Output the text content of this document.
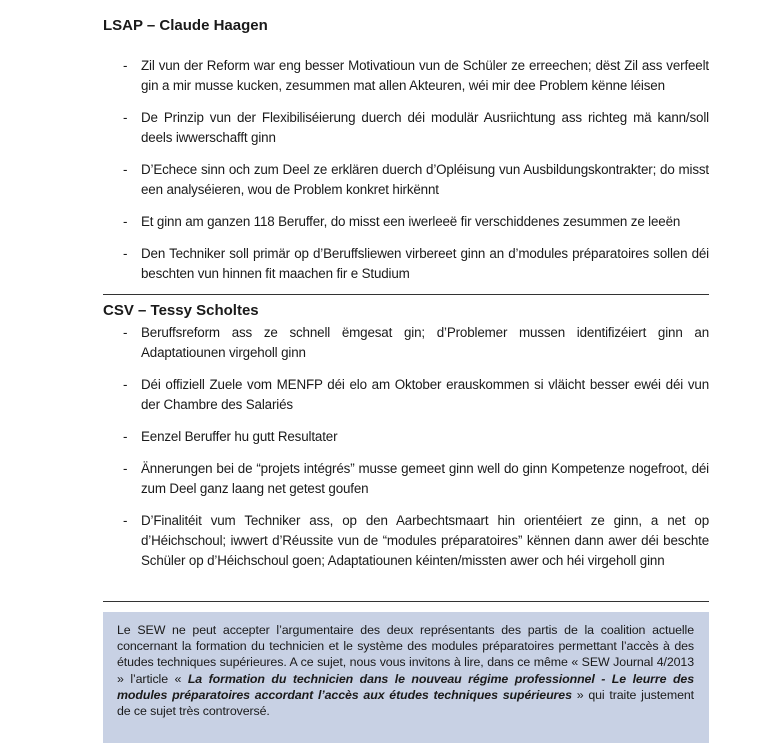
LSAP – Claude Haagen
-	Zil vun der Reform war eng besser Motivatioun vun de Schüler ze erreechen; dëst Zil ass verfeelt gin a mir musse kucken, zesummen mat allen Akteuren, wéi mir dee Problem kënne léisen
-	De Prinzip vun der Flexibiliséierung duerch déi modulär Ausriichtung ass richteg mä kann/soll deels iwwerschafft ginn
-	D’Echece sinn och zum Deel ze erklären duerch d’Opléisung vun Ausbildungskontrakter; do misst een analyséieren, wou de Problem konkret hirkënnt
-	Et ginn am ganzen 118 Beruffer, do misst een iwerleeë fir verschiddenes zesummen ze leeën
-	Den Techniker soll primär op d’Beruffsliewen virbereet ginn an d’modules préparatoires sollen déi beschten vun hinnen fit maachen fir e Studium
CSV – Tessy Scholtes
-	Beruffsreform ass ze schnell ëmgesat gin; d’Problemer mussen identifizéiert ginn an Adaptatiounen virgeholl ginn
-	Déi offiziell Zuele vom MENFP déi elo am Oktober erauskommen si vläicht besser ewéi déi vun der Chambre des Salariés
-	Eenzel Beruffer hu gutt Resultater
-	Ännerungen bei de “projets intégrés” musse gemeet ginn well do ginn Kompetenze nogefroot, déi zum Deel ganz laang net getest goufen
-	D’Finalitéit vum Techniker ass, op den Aarbechtsmaart hin orientéiert ze ginn, a net op d’Héichschoul; iwwert d’Réussite vun de “modules préparatoires” kënnen dann awer déi beschte Schüler op d’Héichschoul goen; Adaptatiounen kéinten/missten awer och héi virgeholl ginn
Le SEW ne peut accepter l’argumentaire des deux représentants des partis de la coalition actuelle concernant la formation du technicien et le système des modules préparatoires permettant l’accès à des études techniques supérieures. A ce sujet, nous vous invitons à lire, dans ce même « SEW Journal 4/2013 » l’article « La formation du technicien dans le nouveau régime professionnel - Le leurre des modules préparatoires accordant l’accès aux études techniques supérieures » qui traite justement de ce sujet très controversé.
